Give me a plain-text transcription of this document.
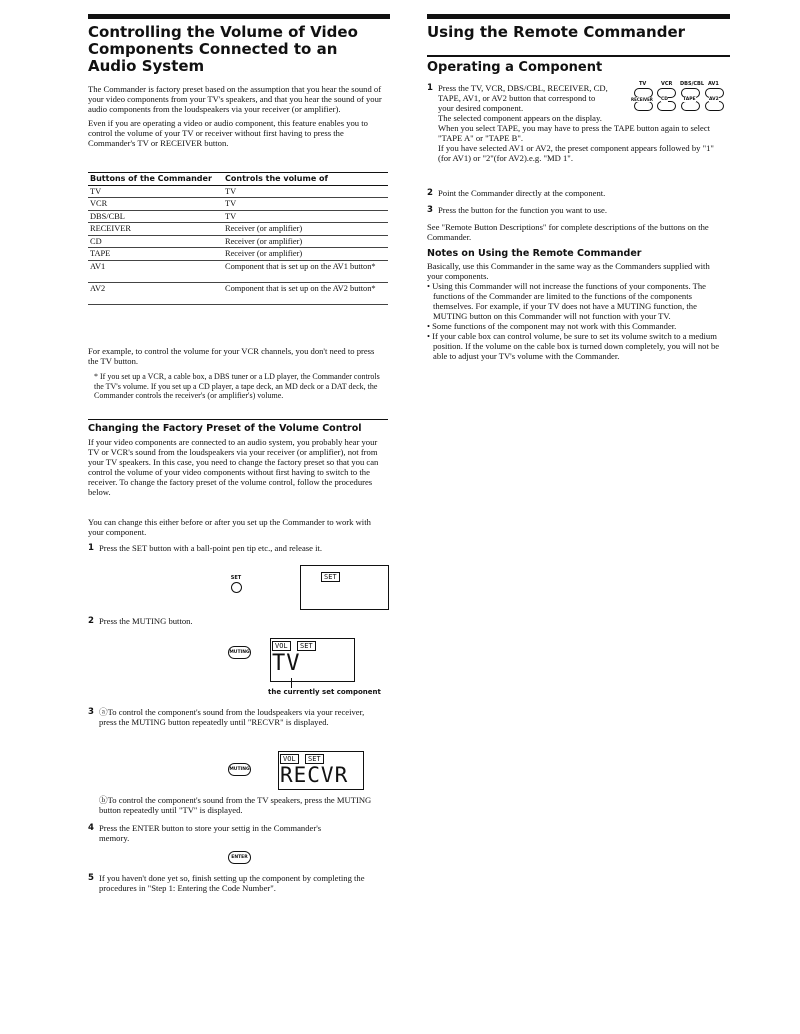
Controlling the Volume of Video Components Connected to an Audio System

The Commander is factory preset based on the assumption that you hear the sound of your video components from your TV's speakers, and that you hear the sound of your audio components from the loudspeakers via your receiver (or amplifier).

Even if you are operating a video or audio component, this feature enables you to control the volume of your TV or receiver without first having to press the Commander's TV or RECEIVER button.

Buttons of the Commander	Controls the volume of
TV	TV
VCR	TV
DBS/CBL	TV
RECEIVER	Receiver (or amplifier)
CD	Receiver (or amplifier)
TAPE	Receiver (or amplifier)
AV1	Component that is set up on the AV1 button*
AV2	Component that is set up on the AV2 button*

For example, to control the volume for your VCR channels, you don't need to press the TV button.

* If you set up a VCR, a cable box, a DBS tuner or a LD player, the Commander controls the TV's volume. If you set up a CD player, a tape deck, an MD deck or a DAT deck, the Commander controls the receiver's (or amplifier's) volume.

Changing the Factory Preset of the Volume Control

If your video components are connected to an audio system, you probably hear your TV or VCR's sound from the loudspeakers via your receiver (or amplifier), not from your TV speakers. In this case, you need to change the factory preset so that you can control the volume of your video components without first having to switch to the receiver. To change the factory preset of the volume control, follow the procedures below.

You can change this either before or after you set up the Commander to work with your component.

1 Press the SET button with a ball-point pen tip etc., and release it.
SET	SET
2 Press the MUTING button.
MUTING
VOL	SET
TV
the currently set component
3 ⓐTo control the component's sound from the loudspeakers via your receiver, press the MUTING button repeatedly until "RECVR" is displayed.
MUTING
VOL	SET
RECVR
ⓑTo control the component's sound from the TV speakers, press the MUTING button repeatedly until "TV" is displayed.
4 Press the ENTER button to store your settig in the Commander's memory.
ENTER
5 If you haven't done yet so, finish setting up the component by completing the procedures in "Step 1: Entering the Code Number".
Using the Remote Commander
Operating a Component
TV	VCR DBS/CBL AV1
RECEIVER CD	TAPE	AV2
1 Press the TV, VCR, DBS/CBL, RECEIVER, CD, TAPE, AV1, or AV2 button that correspond to your desired component.

The selected component appears on the display.

When you select TAPE, you may have to press the TAPE button again to select "TAPE A" or "TAPE B".

If you have selected AV1 or AV2, the preset component appears followed by "1" (for AV1) or "2"(for AV2).e.g. "MD 1".

2 Point the Commander directly at the component.
3 Press the button for the function you want to use.

See "Remote Button Descriptions" for complete descriptions of the buttons on the Commander.

Notes on Using the Remote Commander

Basically, use this Commander in the same way as the Commanders supplied with your components.

• Using this Commander will not increase the functions of your components. The functions of the Commander are limited to the functions of the components themselves. For example, if your TV does not have a MUTING function, the MUTING button on this Commander will not function with your TV.

• Some functions of the component may not work with this Commander.

• If your cable box can control volume, be sure to set its volume switch to a medium position. If the volume on the cable box is turned down completely, you will not be able to adjust your TV's volume with the Commander.
